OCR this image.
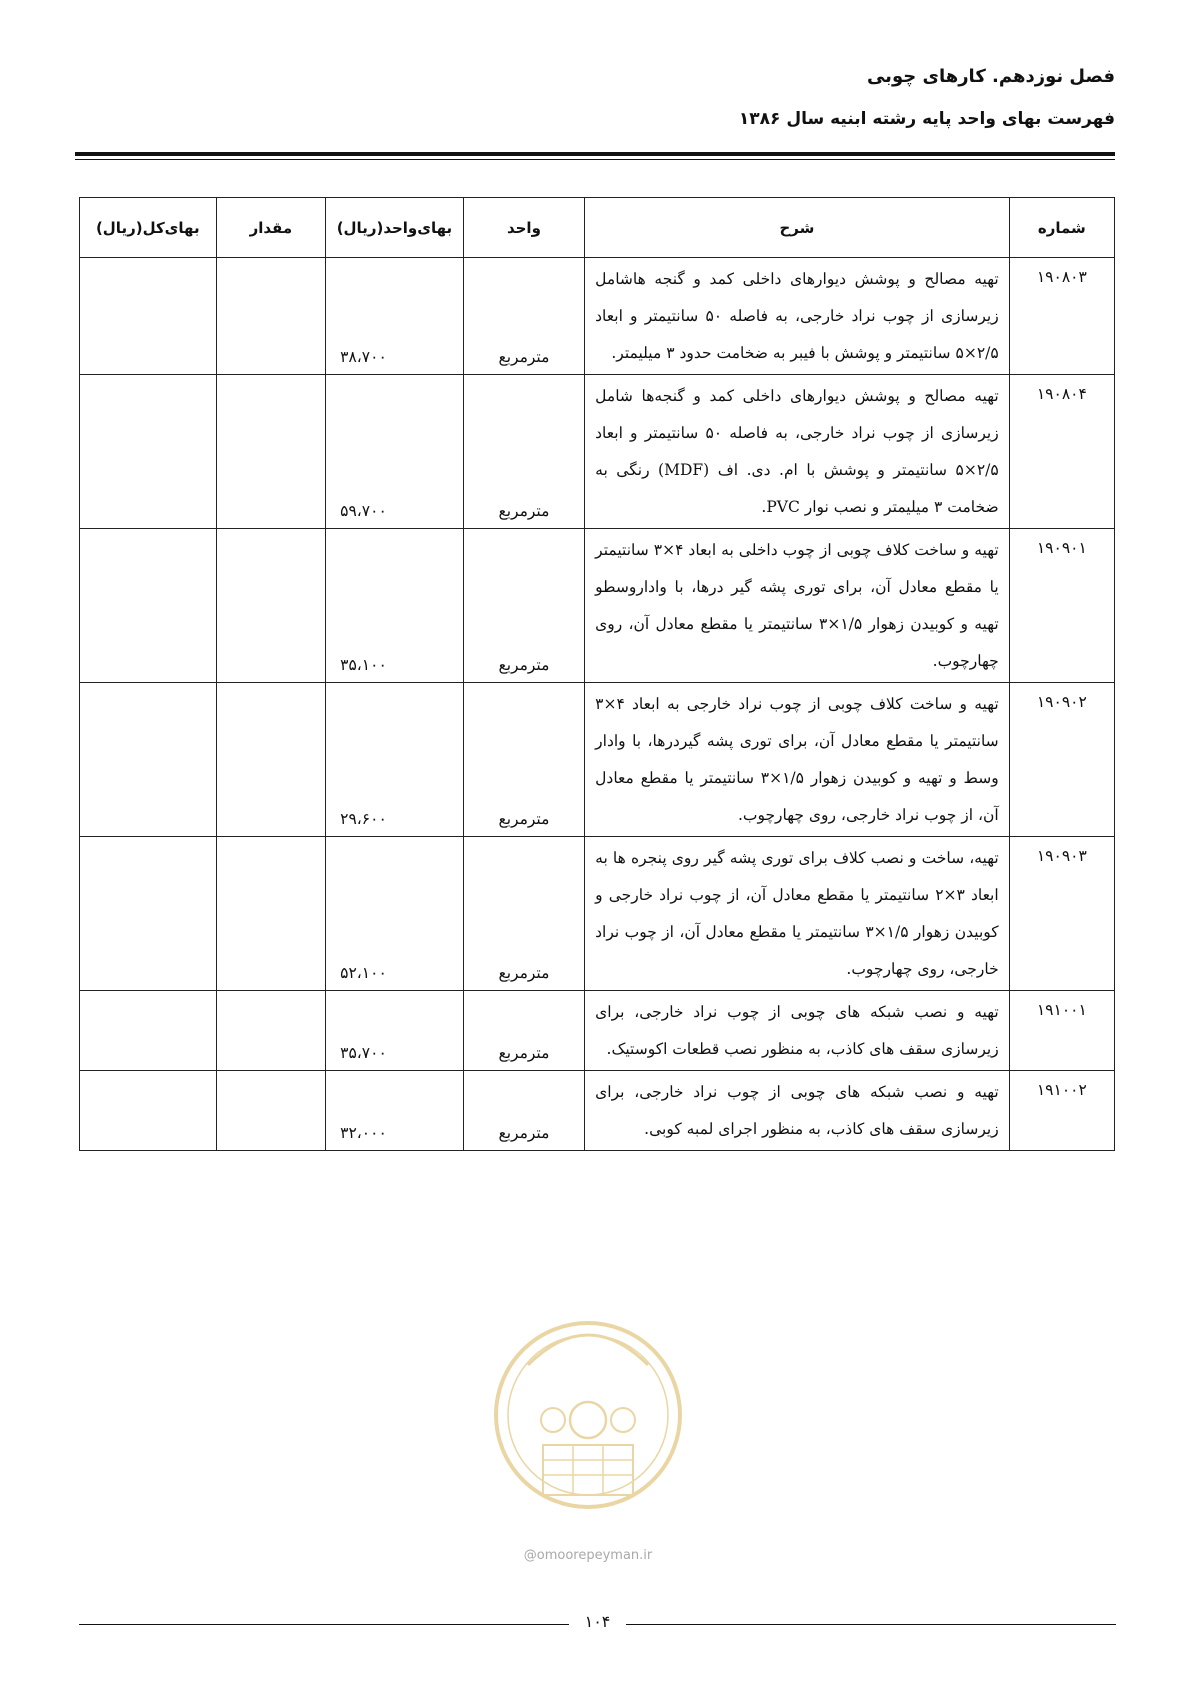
فصل نوزدهم. کارهای چوبی
فهرست بهای واحد پایه رشته ابنیه سال ۱۳۸۶
شماره	شرح	واحد	بهای‌واحد(ریال)	مقدار	بهای‌کل(ریال)
۱۹۰۸۰۳	تهیه مصالح و پوشش دیوارهای داخلی کمد و گنجه هاشامل زیرسازی از چوب نراد خارجی، به فاصله ۵۰ سانتیمتر و ابعاد ۲/۵×۵ سانتیمتر و پوشش با فیبر به ضخامت حدود ۳ میلیمتر.	مترمربع	۳۸،۷۰۰		
۱۹۰۸۰۴	تهیه مصالح و پوشش دیوارهای داخلی کمد و گنجه‌ها شامل زیرسازی از چوب نراد خارجی، به فاصله ۵۰ سانتیمتر و ابعاد ۲/۵×۵ سانتیمتر و پوشش با ام. دی. اف (MDF) رنگی به ضخامت ۳ میلیمتر و نصب نوار PVC.	مترمربع	۵۹،۷۰۰		
۱۹۰۹۰۱	تهیه و ساخت کلاف چوبی از چوب داخلی به ابعاد ۴×۳ سانتیمتر یا مقطع معادل آن، برای توری پشه گیر درها، با واداروسطو تهیه و کوبیدن زهوار ۱/۵×۳ سانتیمتر یا مقطع معادل آن، روی چهارچوب.	مترمربع	۳۵،۱۰۰		
۱۹۰۹۰۲	تهیه و ساخت کلاف چوبی از چوب نراد خارجی به ابعاد ۴×۳ سانتیمتر یا مقطع معادل آن، برای توری پشه گیردرها، با وادار وسط و تهیه و کوبیدن زهوار ۱/۵×۳ سانتیمتر یا مقطع معادل آن، از چوب نراد خارجی، روی چهارچوب.	مترمربع	۲۹،۶۰۰		
۱۹۰۹۰۳	تهیه، ساخت و نصب کلاف برای توری پشه گیر روی پنجره ها به ابعاد ۳×۲ سانتیمتر یا مقطع معادل آن، از چوب نراد خارجی و کوبیدن زهوار ۱/۵×۳ سانتیمتر یا مقطع معادل آن، از چوب نراد خارجی، روی چهارچوب.	مترمربع	۵۲،۱۰۰		
۱۹۱۰۰۱	تهیه و نصب شبکه های چوبی از چوب نراد خارجی، برای زیرسازی سقف های کاذب، به منظور نصب قطعات اکوستیک.	مترمربع	۳۵،۷۰۰		
۱۹۱۰۰۲	تهیه و نصب شبکه های چوبی از چوب نراد خارجی، برای زیرسازی سقف های کاذب، به منظور اجرای لمبه کوبی.	مترمربع	۳۲،۰۰۰		
@omoorepeyman.ir
۱۰۴
